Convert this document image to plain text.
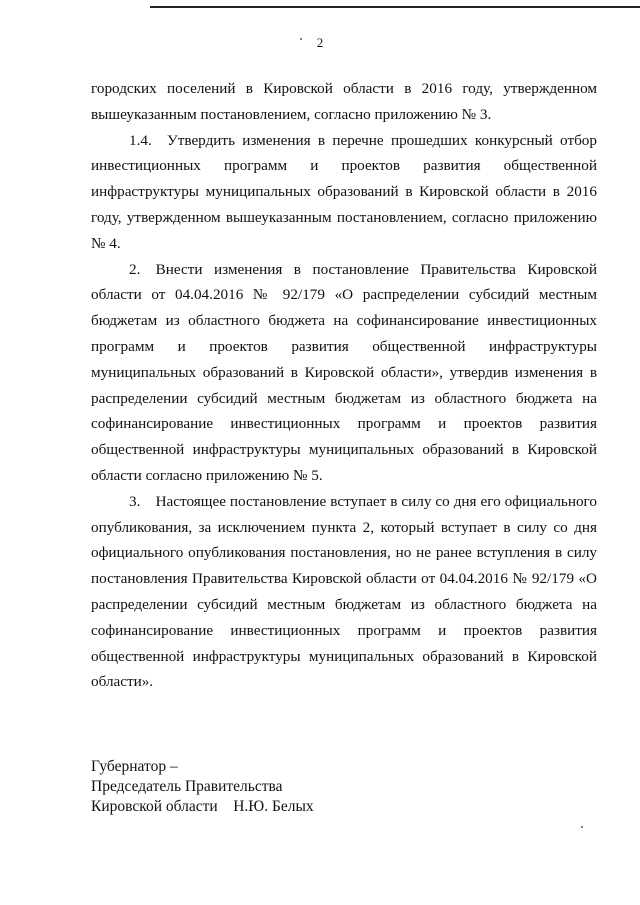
2

городских поселений в Кировской области в 2016 году, утвержденном вышеуказанным постановлением, согласно приложению № 3.

1.4. Утвердить изменения в перечне прошедших конкурсный отбор инвестиционных программ и проектов развития общественной инфраструктуры муниципальных образований в Кировской области в 2016 году, утвержденном вышеуказанным постановлением, согласно приложению № 4.

2. Внести изменения в постановление Правительства Кировской области от 04.04.2016 № 92/179 «О распределении субсидий местным бюджетам из областного бюджета на софинансирование инвестиционных программ и проектов развития общественной инфраструктуры муниципальных образований в Кировской области», утвердив изменения в распределении субсидий местным бюджетам из областного бюджета на софинансирование инвестиционных программ и проектов развития общественной инфраструктуры муниципальных образований в Кировской области согласно приложению № 5.

3. Настоящее постановление вступает в силу со дня его официального опубликования, за исключением пункта 2, который вступает в силу со дня официального опубликования постановления, но не ранее вступления в силу постановления Правительства Кировской области от 04.04.2016 № 92/179 «О распределении субсидий местным бюджетам из областного бюджета на софинансирование инвестиционных программ и проектов развития общественной инфраструктуры муниципальных образований в Кировской области».

Губернатор –
Председатель Правительства
Кировской области    Н.Ю. Белых
